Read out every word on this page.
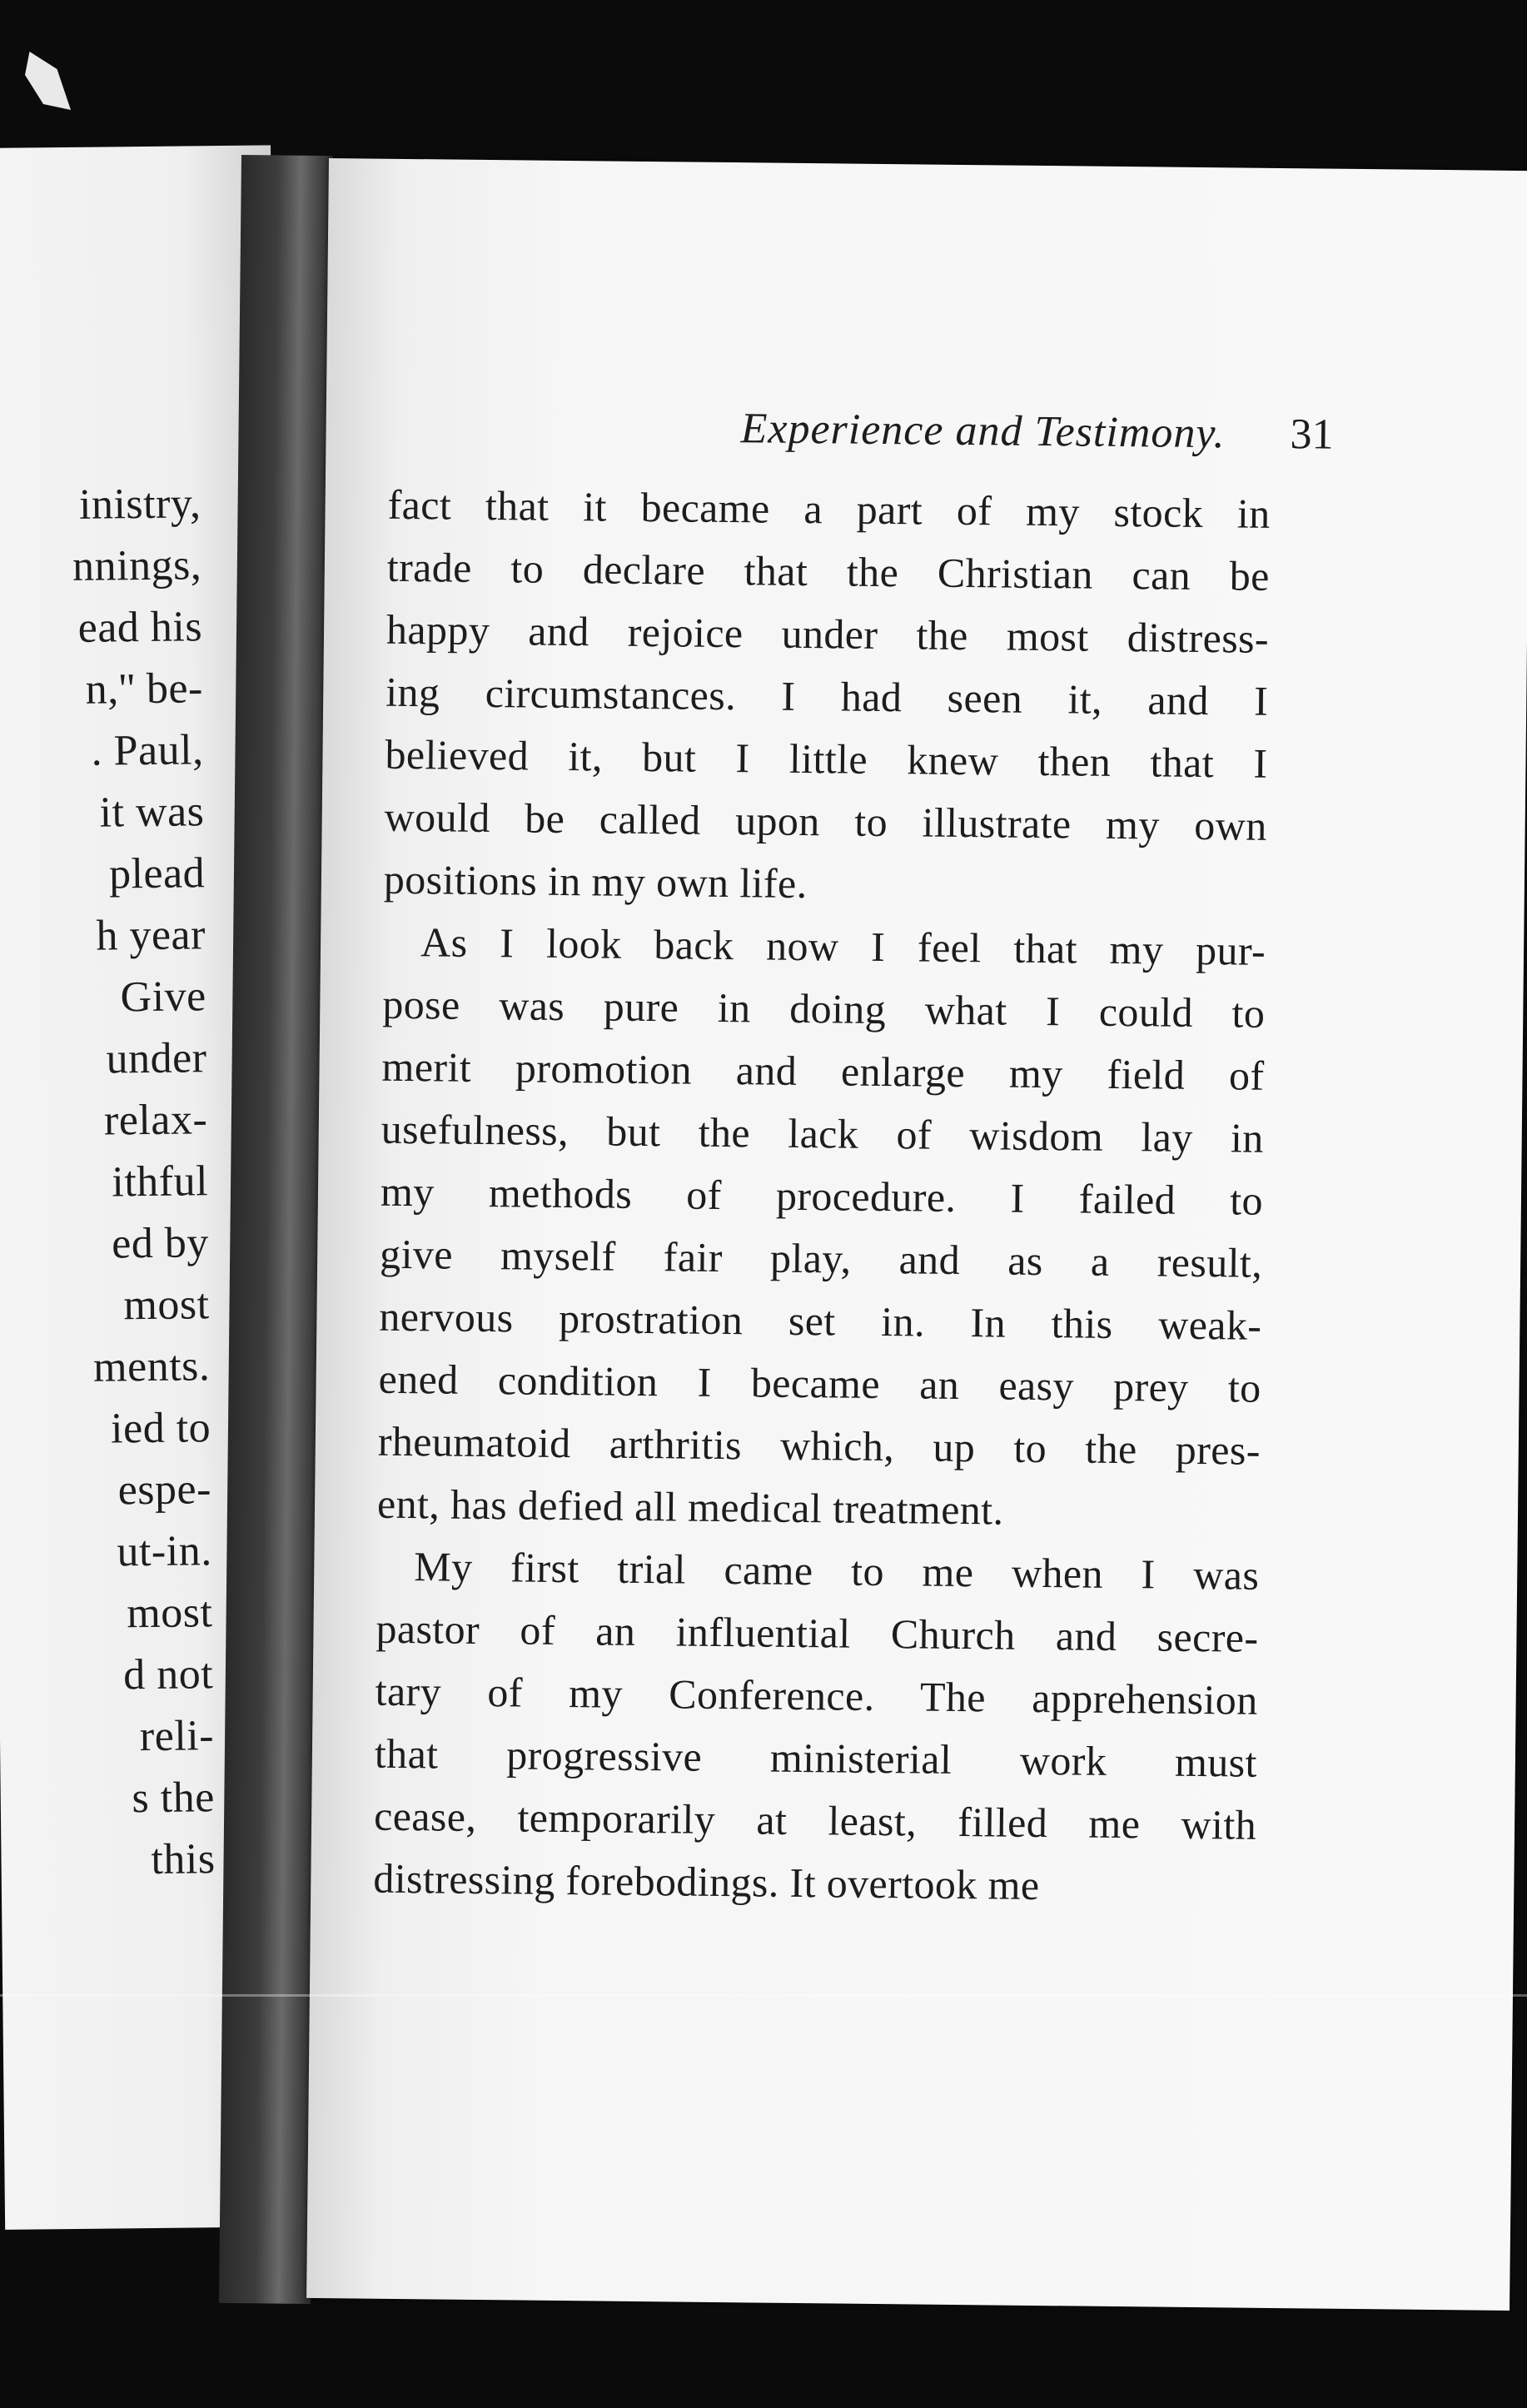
inistry,
nnings,
ead his
n,'' be-
. Paul,
it was
plead
h year
Give
under
relax-
ithful
ed by
most
ments.
ied to
espe-
ut-in.
most
d not
reli-
s the
this
Experience and Testimony.	31
fact that it became a part of my stock in
trade to declare that the Christian can be
happy and rejoice under the most distress-
ing circumstances. I had seen it, and I
believed it, but I little knew then that I
would be called upon to illustrate my own
positions in my own life.
As I look back now I feel that my pur-
pose was pure in doing what I could to
merit promotion and enlarge my field of
usefulness, but the lack of wisdom lay in
my methods of procedure. I failed to
give myself fair play, and as a result,
nervous prostration set in. In this weak-
ened condition I became an easy prey to
rheumatoid arthritis which, up to the pres-
ent, has defied all medical treatment.
My first trial came to me when I was
pastor of an influential Church and secre-
tary of my Conference. The apprehension
that progressive ministerial work must
cease, temporarily at least, filled me with
distressing forebodings. It overtook me
